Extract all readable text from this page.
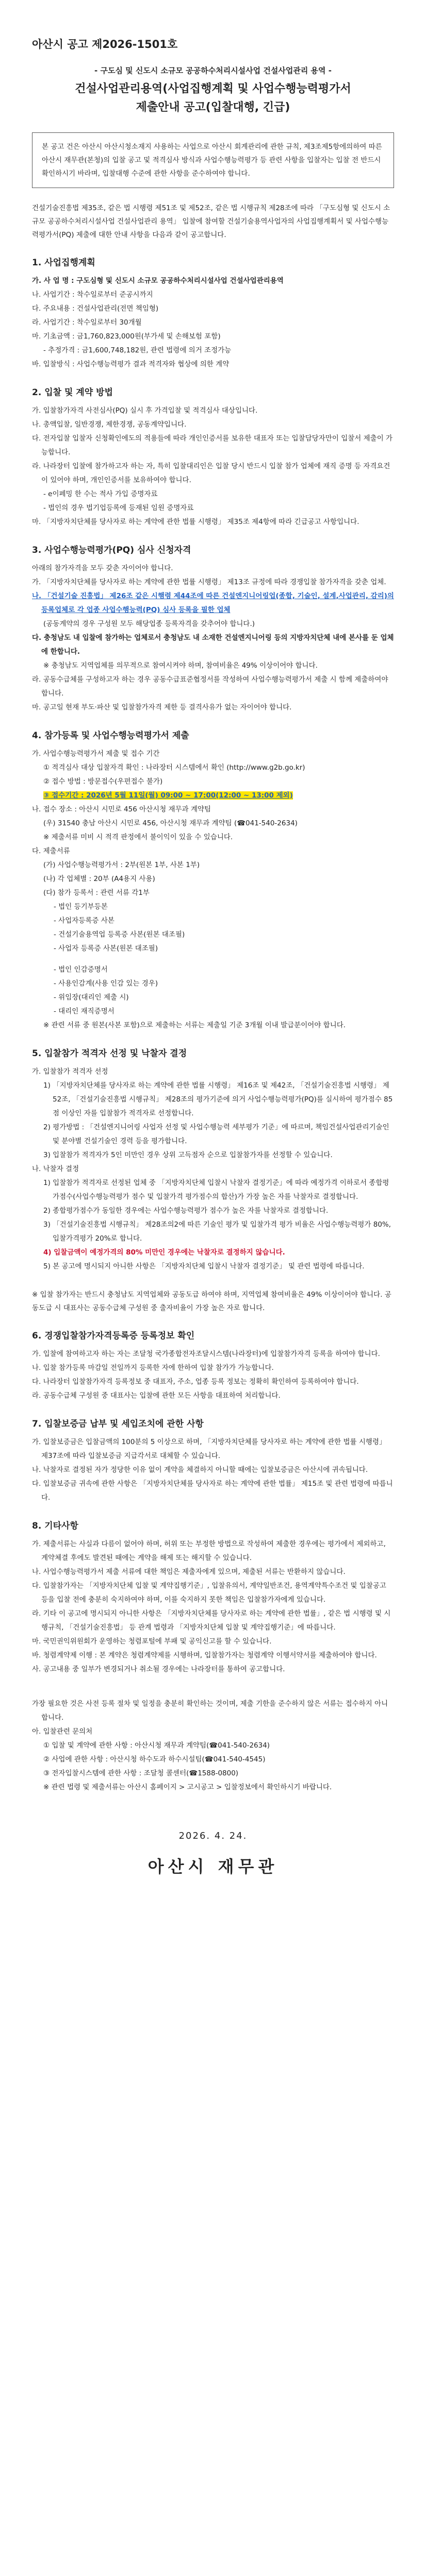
아산시 공고 제2026-1501호

- 구도심 및 신도시 소규모 공공하수처리시설사업 건설사업관리 용역 -

건설사업관리용역(사업집행계획 및 사업수행능력평가서

제출안내 공고(입찰대행, 긴급)

본 공고 건은 아산시 아산시청소재지 사용하는 사업으로 아산시 회계관리에 관한 규칙, 제3조제5항에의하여 따른 아산시 재무관(본청)의 입찰 공고 및 적격심사 방식과 사업수행능력평가 등 관련 사항을 입찰자는 입찰 전 반드시 확인하시기 바라며, 입찰대행 수준에 관한 사항을 준수하여야 합니다.

건설기술진흥법 제35조, 같은 법 시행령 제51조 및 제52조, 같은 법 시행규칙 제28조에 따라 「구도심형 및 신도시 소규모 공공하수처리시설사업 건설사업관리 용역」 입찰에 참여할 건설기술용역사업자의 사업집행계획서 및 사업수행능력평가서(PQ) 제출에 대한 안내 사항을 다음과 같이 공고합니다.

1. 사업집행계획

가. 사 업 명 : 구도심형 및 신도시 소규모 공공하수처리시설사업 건설사업관리용역

나. 사업기간 : 착수일로부터 준공시까지

다. 주요내용 : 건설사업관리(전면 책임형)

라. 사업기간 : 착수일로부터 30개월

마. 기초금액 : 금1,760,823,000원(부가세 및 손해보험 포함)

- 추정가격 : 금1,600,748,182원, 관련 법령에 의거 조정가능

바. 입찰방식 : 사업수행능력평가 결과 적격자와 협상에 의한 계약

2. 입찰 및 계약 방법

가. 입찰참가자격 사전심사(PQ) 실시 후 가격입찰 및 적격심사 대상입니다.

나. 총액입찰, 일반경쟁, 제한경쟁, 공동계약입니다.

다. 전자입찰 입찰자 신청확인에도의 적용들에 따라 개인인증서를 보유한 대표자 또는 입찰담당자만이 입찰서 제출이 가능합니다.

라. 나라장터 입찰에 참가하고자 하는 자, 특히 입찰대리인은 입찰 당시 반드시 입찰 참가 업체에 재직 증명 등 자격요건이 있어야 하며, 개인인증서를 보유하여야 합니다.

- e이페밍 한 수는 적사 가입 증명자료

- 법인의 경우 법기업등록에 등재된 임원 증명자료

마. 「지방자치단체를 당사자로 하는 계약에 관한 법률 시행령」 제35조 제4항에 따라 긴급공고 사항입니다.

3. 사업수행능력평가(PQ) 심사 신청자격

아래의 참가자격을 모두 갖춘 자이어야 합니다.

가. 「지방자치단체를 당사자로 하는 계약에 관한 법률 시행령」 제13조 규정에 따라 경쟁입찰 참가자격을 갖춘 업체.

나. 「건설기술 진흥법」 제26조 같은 시행령 제44조에 따른 건설엔지니어링업(종합, 기술인, 설계,사업관리, 감리)의 등록업체로 각 업종 사업수행능력(PQ) 심사 등록을 필한 업체

(공동계약의 경우 구성원 모두 해당업종 등록자격을 갖추어야 합니다.)

다. 충청남도 내 입찰에 참가하는 업체로서 충청남도 내 소재한 건설엔지니어링 등의 지방자치단체 내에 본사를 둔 업체에 한합니다.

※ 충청남도 지역업체를 의무적으로 참여시켜야 하며, 참여비율은 49% 이상이어야 합니다.

라. 공동수급체를 구성하고자 하는 경우 공동수급표준협정서를 작성하여 사업수행능력평가서 제출 시 함께 제출하여야 합니다.

마. 공고일 현재 부도·파산 및 입찰참가자격 제한 등 결격사유가 없는 자이어야 합니다.

4. 참가등록 및 사업수행능력평가서 제출

가. 사업수행능력평가서 제출 및 접수 기간

① 적격심사 대상 입찰자격 확인 : 나라장터 시스템에서 확인 (http://www.g2b.go.kr)

② 접수 방법 : 방문접수(우편접수 불가)

③ 접수기간 : 2026년 5월 11일(월) 09:00 ~ 17:00(12:00 ~ 13:00 제외)

나. 접수 장소 : 아산시 시민로 456 아산시청 재무과 계약팀

(우) 31540 충남 아산시 시민로 456, 아산시청 재무과 계약팀 (☎041-540-2634)

※ 제출서류 미비 시 적격 판정에서 불이익이 있을 수 있습니다.

다. 제출서류

(가) 사업수행능력평가서 : 2부(원본 1부, 사본 1부)

(나) 각 업체별 : 20부 (A4용지 사용)

(다) 참가 등록서 : 관련 서류 각1부

- 법인 등기부등본

- 사업자등록증 사본

- 건설기술용역업 등록증 사본(원본 대조필)

- 사업자 등록증 사본(원본 대조필)

- 법인 인감증명서

- 사용인감계(사용 인감 있는 경우)

- 위임장(대리인 제출 시)

- 대리인 재직증명서

※ 관련 서류 중 원본(사본 포함)으로 제출하는 서류는 제출일 기준 3개월 이내 발급분이어야 합니다.

5. 입찰참가 적격자 선정 및 낙찰자 결정

가. 입찰참가 적격자 선정

1) 「지방자치단체를 당사자로 하는 계약에 관한 법률 시행령」 제16조 및 제42조, 「건설기술진흥법 시행령」 제52조, 「건설기술진흥법 시행규칙」 제28조의 평가기준에 의거 사업수행능력평가(PQ)를 실시하여 평가점수 85점 이상인 자를 입찰참가 적격자로 선정합니다.

2) 평가방법 : 「건설엔지니어링 사업자 선정 및 사업수행능력 세부평가 기준」에 따르며, 책임건설사업관리기술인 및 분야별 건설기술인 경력 등을 평가합니다.

3) 입찰참가 적격자가 5인 미만인 경우 상위 고득점자 순으로 입찰참가자를 선정할 수 있습니다.

나. 낙찰자 결정

1) 입찰참가 적격자로 선정된 업체 중 「지방자치단체 입찰시 낙찰자 결정기준」에 따라 예정가격 이하로서 종합평가점수(사업수행능력평가 점수 및 입찰가격 평가점수의 합산)가 가장 높은 자를 낙찰자로 결정합니다.

2) 종합평가점수가 동일한 경우에는 사업수행능력평가 점수가 높은 자를 낙찰자로 결정합니다.

3) 「건설기술진흥법 시행규칙」 제28조의2에 따른 기술인 평가 및 입찰가격 평가 비율은 사업수행능력평가 80%, 입찰가격평가 20%로 합니다.

4) 입찰금액이 예정가격의 80% 미만인 경우에는 낙찰자로 결정하지 않습니다.

5) 본 공고에 명시되지 아니한 사항은 「지방자치단체 입찰시 낙찰자 결정기준」 및 관련 법령에 따릅니다.

※ 입찰 참가자는 반드시 충청남도 지역업체와 공동도급 하여야 하며, 지역업체 참여비율은 49% 이상이어야 합니다. 공동도급 시 대표사는 공동수급체 구성원 중 출자비율이 가장 높은 자로 합니다.

6. 경쟁입찰참가자격등록증 등록정보 확인

가. 입찰에 참여하고자 하는 자는 조달청 국가종합전자조달시스템(나라장터)에 입찰참가자격 등록을 하여야 합니다.

나. 입찰 참가등록 마감일 전일까지 등록한 자에 한하여 입찰 참가가 가능합니다.

다. 나라장터 입찰참가자격 등록정보 중 대표자, 주소, 업종 등록 정보는 정확히 확인하여 등록하여야 합니다.

라. 공동수급체 구성원 중 대표사는 입찰에 관한 모든 사항을 대표하여 처리합니다.

7. 입찰보증금 납부 및 세입조치에 관한 사항

가. 입찰보증금은 입찰금액의 100분의 5 이상으로 하며, 「지방자치단체를 당사자로 하는 계약에 관한 법률 시행령」 제37조에 따라 입찰보증금 지급각서로 대체할 수 있습니다.

나. 낙찰자로 결정된 자가 정당한 이유 없이 계약을 체결하지 아니할 때에는 입찰보증금은 아산시에 귀속됩니다.

다. 입찰보증금 귀속에 관한 사항은 「지방자치단체를 당사자로 하는 계약에 관한 법률」 제15조 및 관련 법령에 따릅니다.

8. 기타사항

가. 제출서류는 사실과 다름이 없어야 하며, 허위 또는 부정한 방법으로 작성하여 제출한 경우에는 평가에서 제외하고, 계약체결 후에도 발견된 때에는 계약을 해제 또는 해지할 수 있습니다.

나. 사업수행능력평가서 제출 서류에 대한 책임은 제출자에게 있으며, 제출된 서류는 반환하지 않습니다.

다. 입찰참가자는 「지방자치단체 입찰 및 계약집행기준」, 입찰유의서, 계약일반조건, 용역계약특수조건 및 입찰공고 등을 입찰 전에 충분히 숙지하여야 하며, 이를 숙지하지 못한 책임은 입찰참가자에게 있습니다.

라. 기타 이 공고에 명시되지 아니한 사항은 「지방자치단체를 당사자로 하는 계약에 관한 법률」, 같은 법 시행령 및 시행규칙, 「건설기술진흥법」 등 관계 법령과 「지방자치단체 입찰 및 계약집행기준」에 따릅니다.

마. 국민권익위원회가 운영하는 청렴포털에 부패 및 공익신고를 할 수 있습니다.

바. 청렴계약제 이행 : 본 계약은 청렴계약제를 시행하며, 입찰참가자는 청렴계약 이행서약서를 제출하여야 합니다.

사. 공고내용 중 일부가 변경되거나 취소될 경우에는 나라장터를 통하여 공고합니다.

가장 필요한 것은 사전 등록 절차 및 일정을 충분히 확인하는 것이며, 제출 기한을 준수하지 않은 서류는 접수하지 아니합니다.

아. 입찰관련 문의처

① 입찰 및 계약에 관한 사항 : 아산시청 재무과 계약팀(☎041-540-2634)

② 사업에 관한 사항 : 아산시청 하수도과 하수시설팀(☎041-540-4545)

③ 전자입찰시스템에 관한 사항 : 조달청 콜센터(☎1588-0800)

※ 관련 법령 및 제출서류는 아산시 홈페이지 > 고시공고 > 입찰정보에서 확인하시기 바랍니다.

2026. 4. 24.

아산시 재무관
